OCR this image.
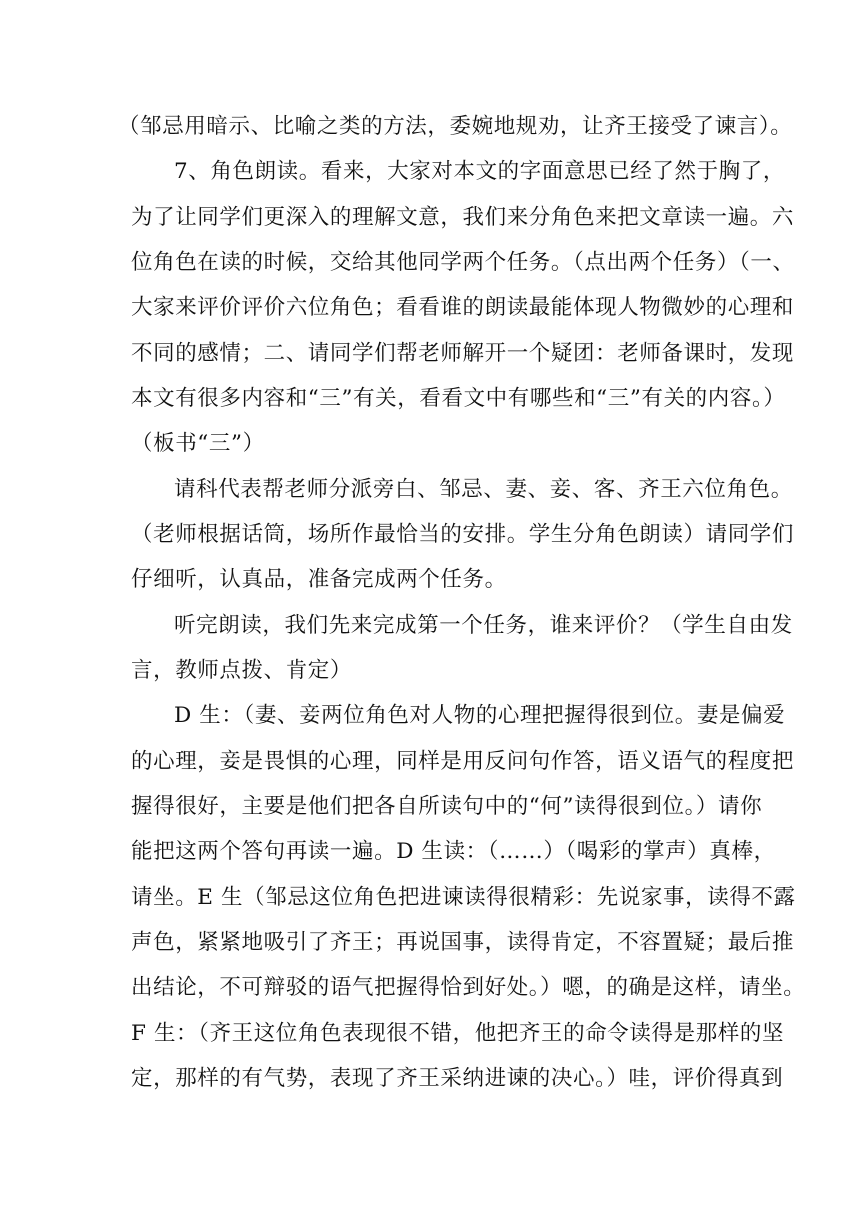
（邹忌用暗示、比喻之类的方法，委婉地规劝，让齐王接受了谏言）。
7、角色朗读。看来，大家对本文的字面意思已经了然于胸了，
为了让同学们更深入的理解文意，我们来分角色来把文章读一遍。六
位角色在读的时候，交给其他同学两个任务。（点出两个任务）（一、
大家来评价评价六位角色；看看谁的朗读最能体现人物微妙的心理和
不同的感情；二、请同学们帮老师解开一个疑团：老师备课时，发现
本文有很多内容和“三”有关，看看文中有哪些和“三”有关的内容。）
（板书“三”）
请科代表帮老师分派旁白、邹忌、妻、妾、客、齐王六位角色。
（老师根据话筒，场所作最恰当的安排。学生分角色朗读）请同学们
仔细听，认真品，准备完成两个任务。
听完朗读，我们先来完成第一个任务，谁来评价？（学生自由发
言，教师点拨、肯定）
D 生：（妻、妾两位角色对人物的心理把握得很到位。妻是偏爱
的心理，妾是畏惧的心理，同样是用反问句作答，语义语气的程度把
握得很好，主要是他们把各自所读句中的“何”读得很到位。）请你
能把这两个答句再读一遍。D 生读：（……）（喝彩的掌声）真棒，
请坐。E 生（邹忌这位角色把进谏读得很精彩：先说家事，读得不露
声色，紧紧地吸引了齐王；再说国事，读得肯定，不容置疑；最后推
出结论，不可辩驳的语气把握得恰到好处。）嗯，的确是这样，请坐。
F 生：（齐王这位角色表现很不错，他把齐王的命令读得是那样的坚
定，那样的有气势，表现了齐王采纳进谏的决心。）哇，评价得真到
